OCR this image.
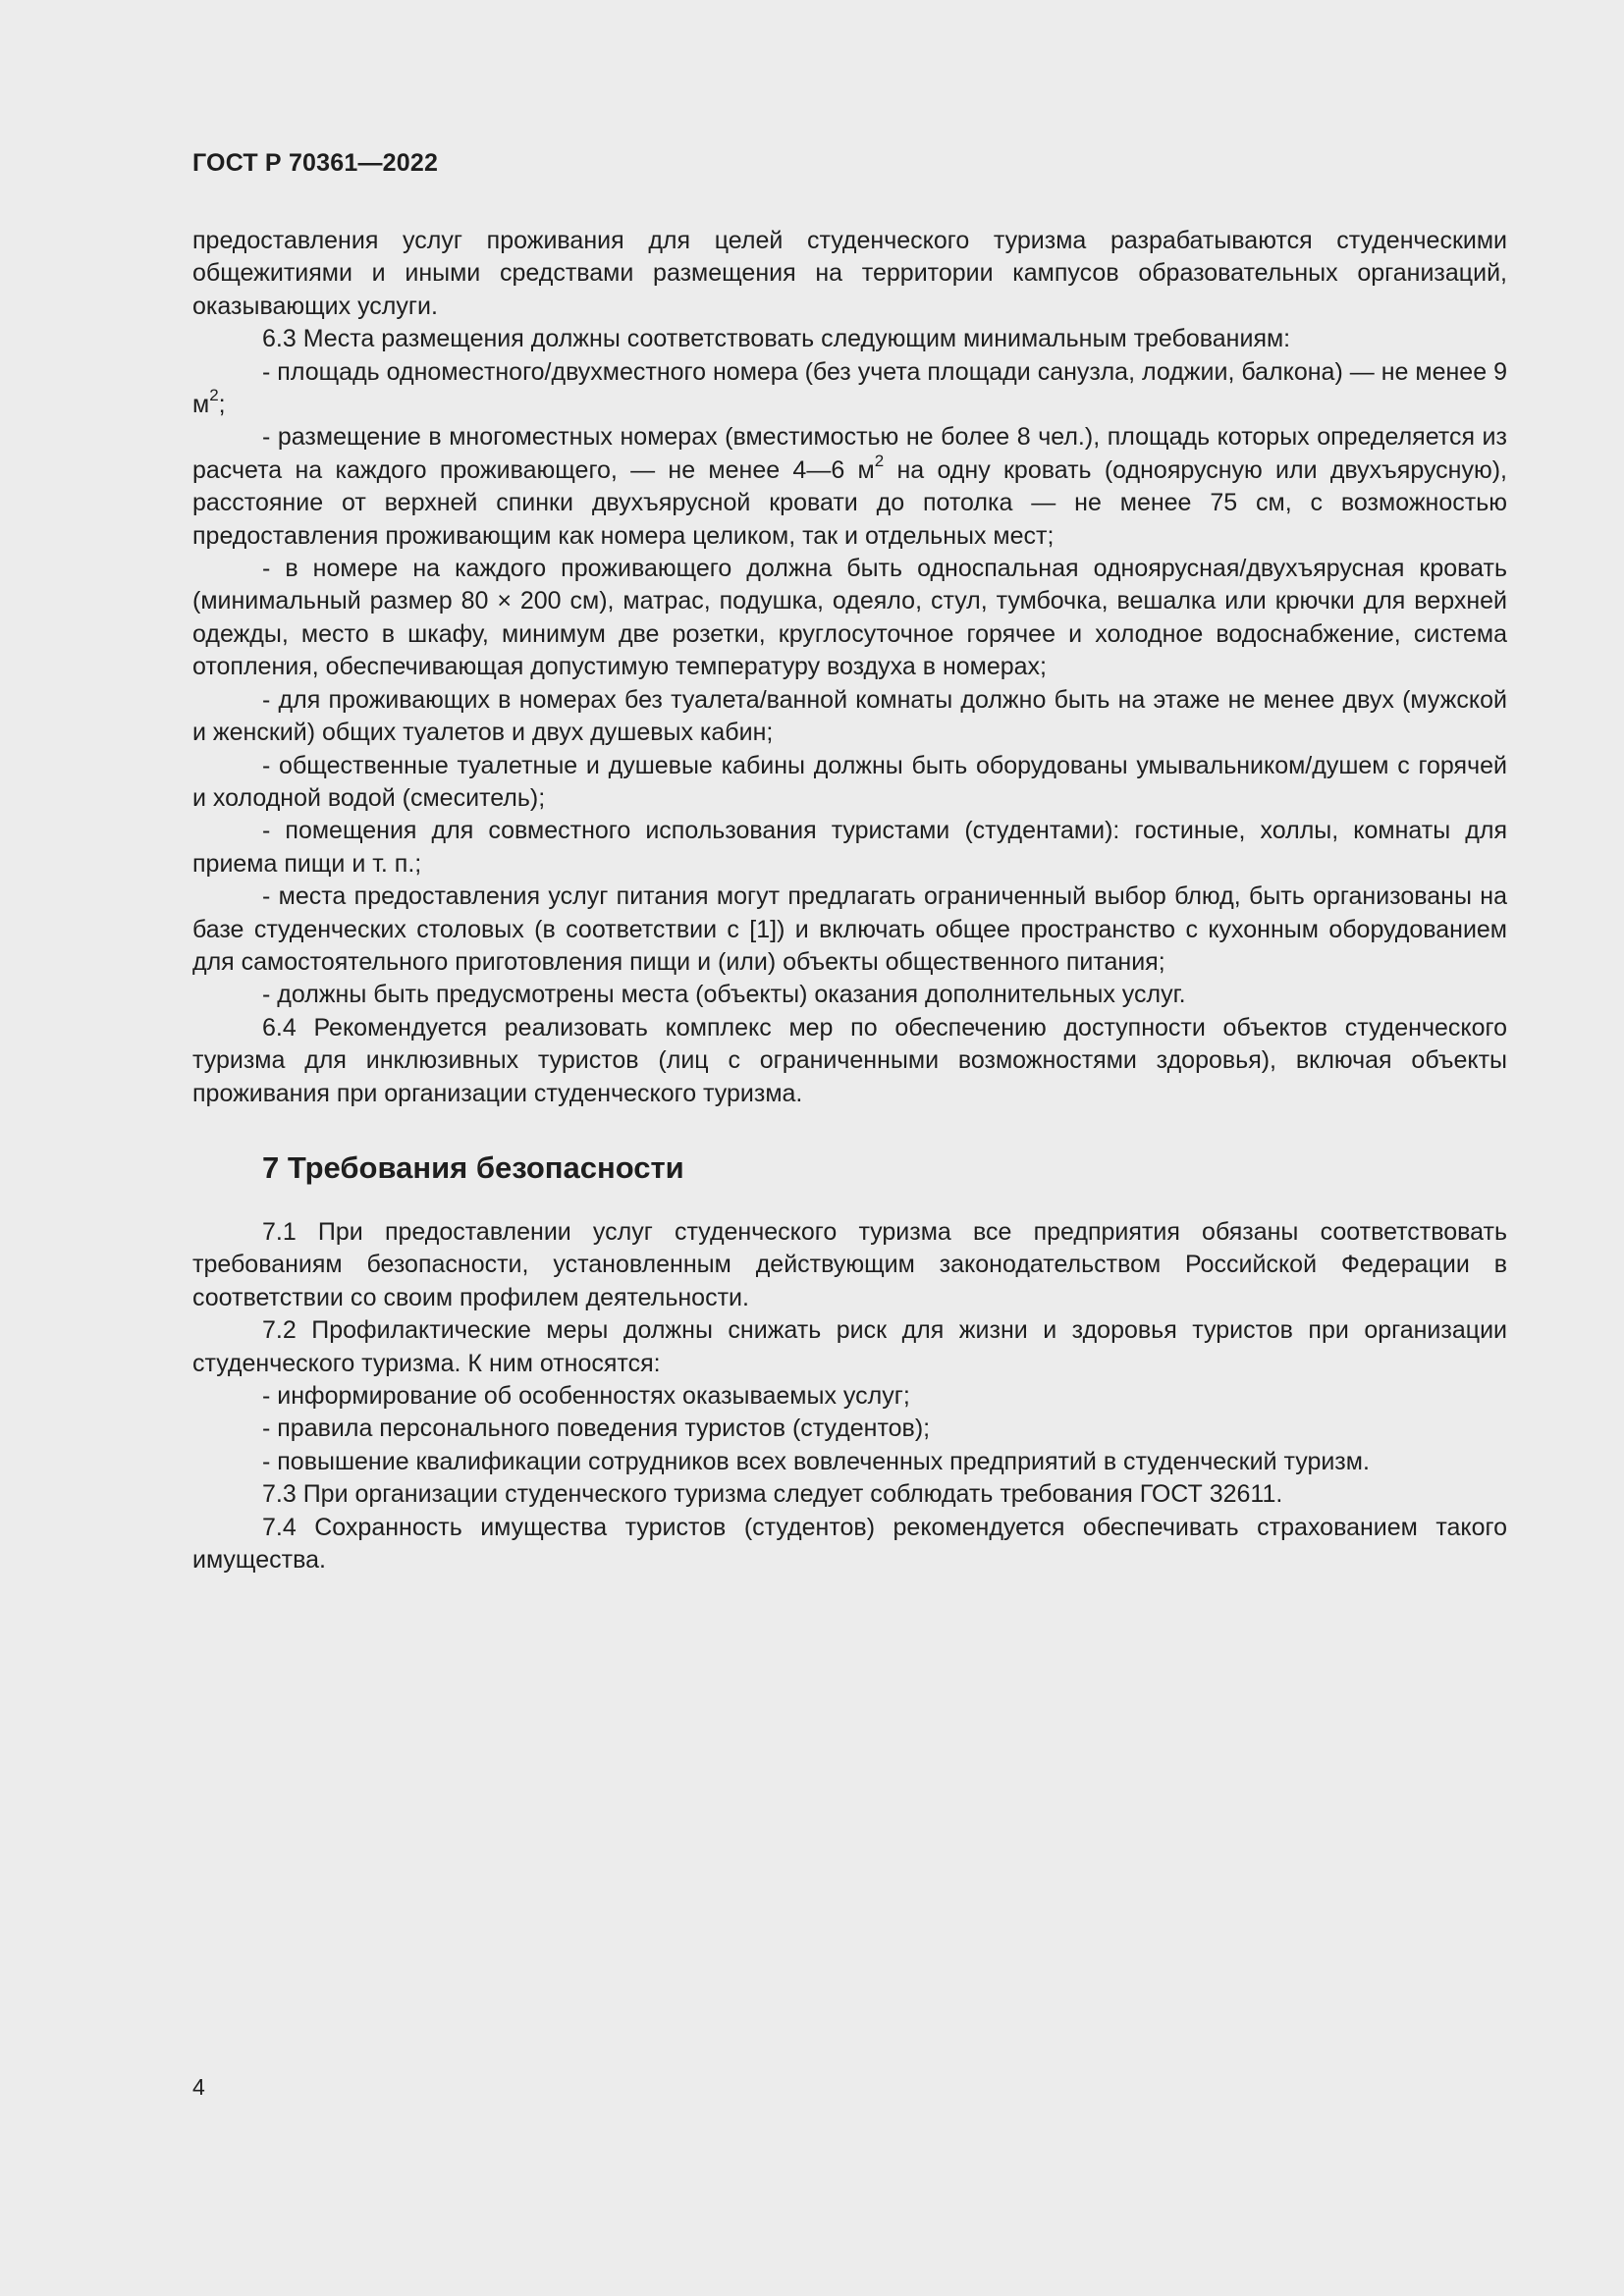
ГОСТ Р 70361—2022

предоставления услуг проживания для целей студенческого туризма разрабатываются студенческими общежитиями и иными средствами размещения на территории кампусов образовательных организаций, оказывающих услуги.

6.3 Места размещения должны соответствовать следующим минимальным требованиям:

- площадь одноместного/двухместного номера (без учета площади санузла, лоджии, балкона) — не менее 9 $м^2$;

- размещение в многоместных номерах (вместимостью не более 8 чел.), площадь которых определяется из расчета на каждого проживающего, — не менее 4—6 $м^2$ на одну кровать (одноярусную или двухъярусную), расстояние от верхней спинки двухъярусной кровати до потолка — не менее 75 см, с возможностью предоставления проживающим как номера целиком, так и отдельных мест;

- в номере на каждого проживающего должна быть односпальная одноярусная/двухъярусная кровать (минимальный размер 80 × 200 см), матрас, подушка, одеяло, стул, тумбочка, вешалка или крючки для верхней одежды, место в шкафу, минимум две розетки, круглосуточное горячее и холодное водоснабжение, система отопления, обеспечивающая допустимую температуру воздуха в номерах;

- для проживающих в номерах без туалета/ванной комнаты должно быть на этаже не менее двух (мужской и женский) общих туалетов и двух душевых кабин;

- общественные туалетные и душевые кабины должны быть оборудованы умывальником/душем с горячей и холодной водой (смеситель);

- помещения для совместного использования туристами (студентами): гостиные, холлы, комнаты для приема пищи и т. п.;

- места предоставления услуг питания могут предлагать ограниченный выбор блюд, быть организованы на базе студенческих столовых (в соответствии с [1]) и включать общее пространство с кухонным оборудованием для самостоятельного приготовления пищи и (или) объекты общественного питания;

- должны быть предусмотрены места (объекты) оказания дополнительных услуг.

6.4 Рекомендуется реализовать комплекс мер по обеспечению доступности объектов студенческого туризма для инклюзивных туристов (лиц с ограниченными возможностями здоровья), включая объекты проживания при организации студенческого туризма.

7 Требования безопасности

7.1 При предоставлении услуг студенческого туризма все предприятия обязаны соответствовать требованиям безопасности, установленным действующим законодательством Российской Федерации в соответствии со своим профилем деятельности.

7.2 Профилактические меры должны снижать риск для жизни и здоровья туристов при организации студенческого туризма. К ним относятся:

- информирование об особенностях оказываемых услуг;

- правила персонального поведения туристов (студентов);

- повышение квалификации сотрудников всех вовлеченных предприятий в студенческий туризм.

7.3 При организации студенческого туризма следует соблюдать требования ГОСТ 32611.

7.4 Сохранность имущества туристов (студентов) рекомендуется обеспечивать страхованием такого имущества.

4
